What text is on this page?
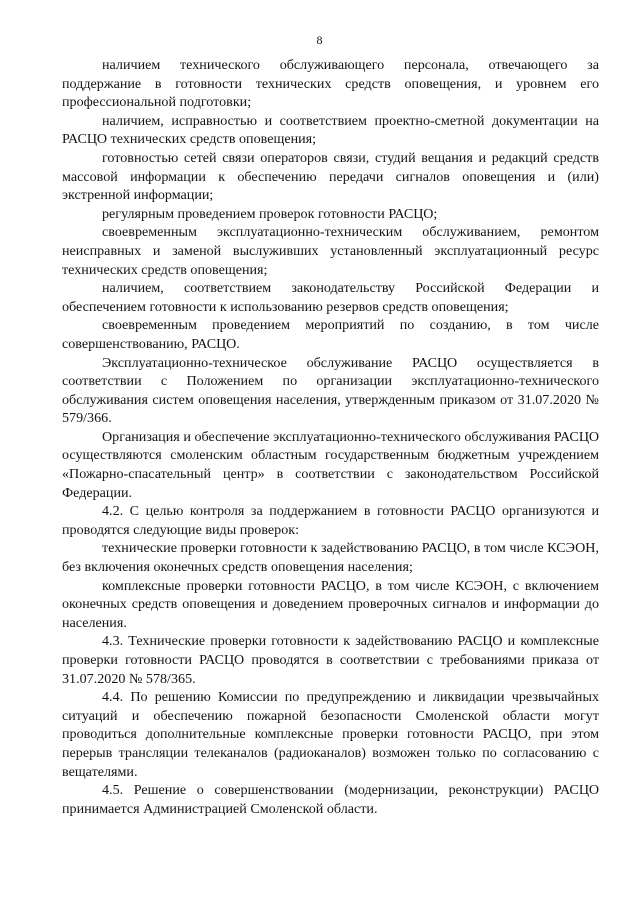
8

наличием технического обслуживающего персонала, отвечающего за поддержание в готовности технических средств оповещения, и уровнем его профессиональной подготовки;

наличием, исправностью и соответствием проектно-сметной документации на РАСЦО технических средств оповещения;

готовностью сетей связи операторов связи, студий вещания и редакций средств массовой информации к обеспечению передачи сигналов оповещения и (или) экстренной информации;

регулярным проведением проверок готовности РАСЦО;

своевременным эксплуатационно-техническим обслуживанием, ремонтом неисправных и заменой выслуживших установленный эксплуатационный ресурс технических средств оповещения;

наличием, соответствием законодательству Российской Федерации и обеспечением готовности к использованию резервов средств оповещения;

своевременным проведением мероприятий по созданию, в том числе совершенствованию, РАСЦО.

Эксплуатационно-техническое обслуживание РАСЦО осуществляется в соответствии с Положением по организации эксплуатационно-технического обслуживания систем оповещения населения, утвержденным приказом от 31.07.2020 № 579/366.

Организация и обеспечение эксплуатационно-технического обслуживания РАСЦО осуществляются смоленским областным государственным бюджетным учреждением «Пожарно-спасательный центр» в соответствии с законодательством Российской Федерации.

4.2. С целью контроля за поддержанием в готовности РАСЦО организуются и проводятся следующие виды проверок:

технические проверки готовности к задействованию РАСЦО, в том числе КСЭОН, без включения оконечных средств оповещения населения;

комплексные проверки готовности РАСЦО, в том числе КСЭОН, с включением оконечных средств оповещения и доведением проверочных сигналов и информации до населения.

4.3. Технические проверки готовности к задействованию РАСЦО и комплексные проверки готовности РАСЦО проводятся в соответствии с требованиями приказа от 31.07.2020 № 578/365.

4.4. По решению Комиссии по предупреждению и ликвидации чрезвычайных ситуаций и обеспечению пожарной безопасности Смоленской области могут проводиться дополнительные комплексные проверки готовности РАСЦО, при этом перерыв трансляции телеканалов (радиоканалов) возможен только по согласованию с вещателями.

4.5. Решение о совершенствовании (модернизации, реконструкции) РАСЦО принимается Администрацией Смоленской области.
